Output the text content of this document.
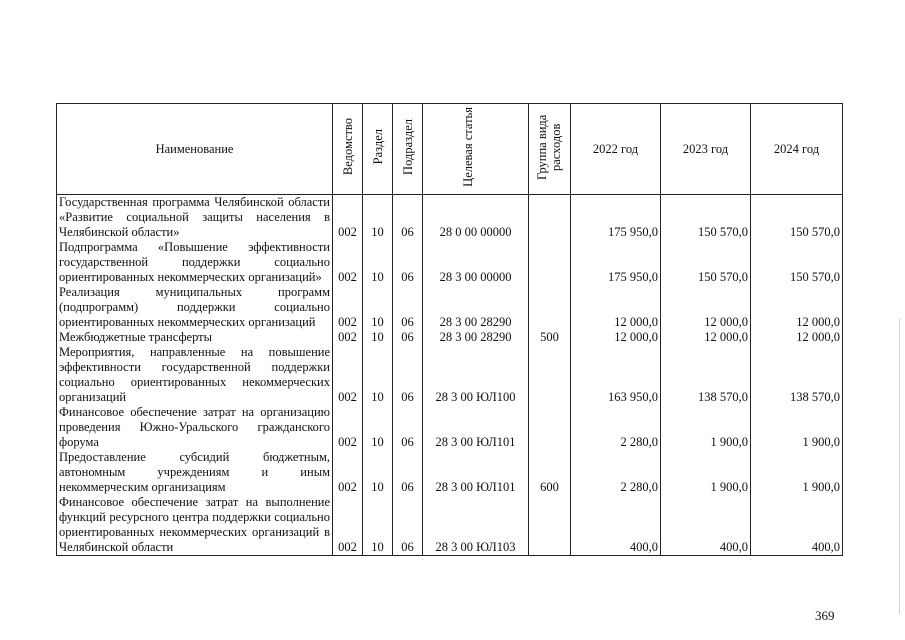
Наименование	Ведомство	Раздел	Подраздел	Целевая статья	Группа вида расходов	2022 год	2023 год	2024 год
Государственная программа Челябинской области «Развитие социальной защиты населения в Челябинской области»	002	10	06	28 0 00 00000		175 950,0	150 570,0	150 570,0
Подпрограмма «Повышение эффективности государственной поддержки социально ориентированных некоммерческих организаций»	002	10	06	28 3 00 00000		175 950,0	150 570,0	150 570,0
Реализация муниципальных программ (подпрограмм) поддержки социально ориентированных некоммерческих организаций	002	10	06	28 3 00 28290		12 000,0	12 000,0	12 000,0
Межбюджетные трансферты	002	10	06	28 3 00 28290	500	12 000,0	12 000,0	12 000,0
Мероприятия, направленные на повышение эффективности государственной поддержки социально ориентированных некоммерческих организаций	002	10	06	28 3 00 ЮЛ100		163 950,0	138 570,0	138 570,0
Финансовое обеспечение затрат на организацию проведения Южно-Уральского гражданского форума	002	10	06	28 3 00 ЮЛ101		2 280,0	1 900,0	1 900,0
Предоставление субсидий бюджетным, автономным учреждениям и иным некоммерческим организациям	002	10	06	28 3 00 ЮЛ101	600	2 280,0	1 900,0	1 900,0
Финансовое обеспечение затрат на выполнение функций ресурсного центра поддержки социально ориентированных некоммерческих организаций в Челябинской области	002	10	06	28 3 00 ЮЛ103		400,0	400,0	400,0
369
